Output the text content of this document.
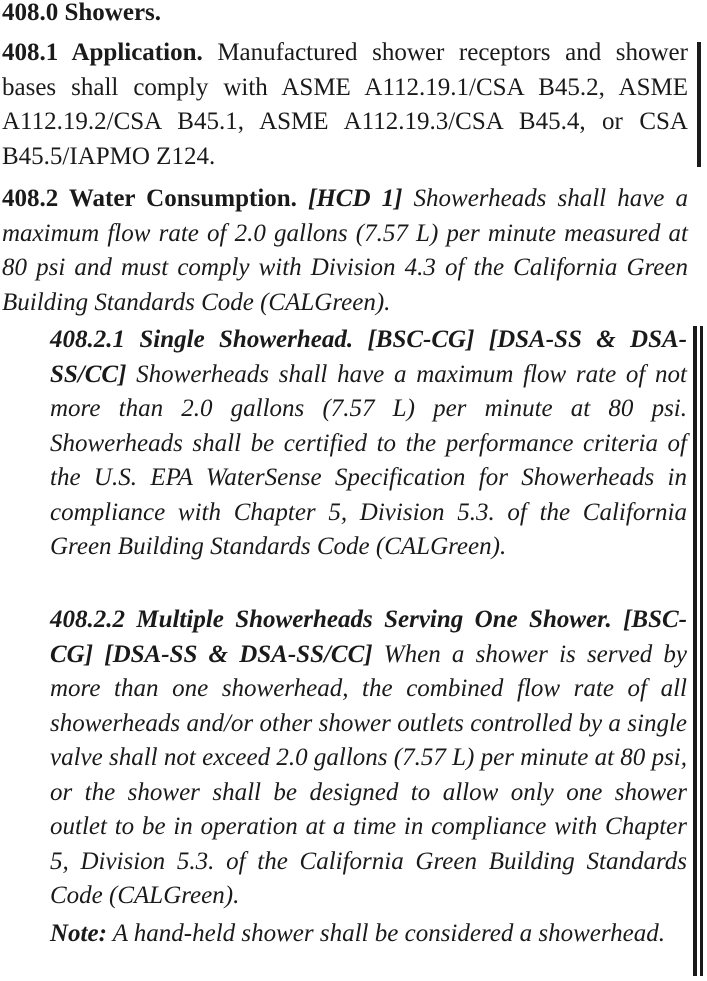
408.0 Showers.
408.1 Application. Manufactured shower receptors and shower bases shall comply with ASME A112.19.1/CSA B45.2, ASME A112.19.2/CSA B45.1, ASME A112.19.3/CSA B45.4, or CSA B45.5/IAPMO Z124.
408.2 Water Consumption. [HCD 1] Showerheads shall have a maximum flow rate of 2.0 gallons (7.57 L) per minute measured at 80 psi and must comply with Division 4.3 of the California Green Building Standards Code (CALGreen).
408.2.1 Single Showerhead. [BSC-CG] [DSA-SS & DSA-SS/CC] Showerheads shall have a maximum flow rate of not more than 2.0 gallons (7.57 L) per minute at 80 psi. Showerheads shall be certified to the performance criteria of the U.S. EPA WaterSense Specification for Showerheads in compliance with Chapter 5, Division 5.3. of the California Green Building Standards Code (CALGreen).
408.2.2 Multiple Showerheads Serving One Shower. [BSC-CG] [DSA-SS & DSA-SS/CC] When a shower is served by more than one showerhead, the combined flow rate of all showerheads and/or other shower outlets controlled by a single valve shall not exceed 2.0 gallons (7.57 L) per minute at 80 psi, or the shower shall be designed to allow only one shower outlet to be in operation at a time in compliance with Chapter 5, Division 5.3. of the California Green Building Standards Code (CALGreen).
Note: A hand-held shower shall be considered a showerhead.
